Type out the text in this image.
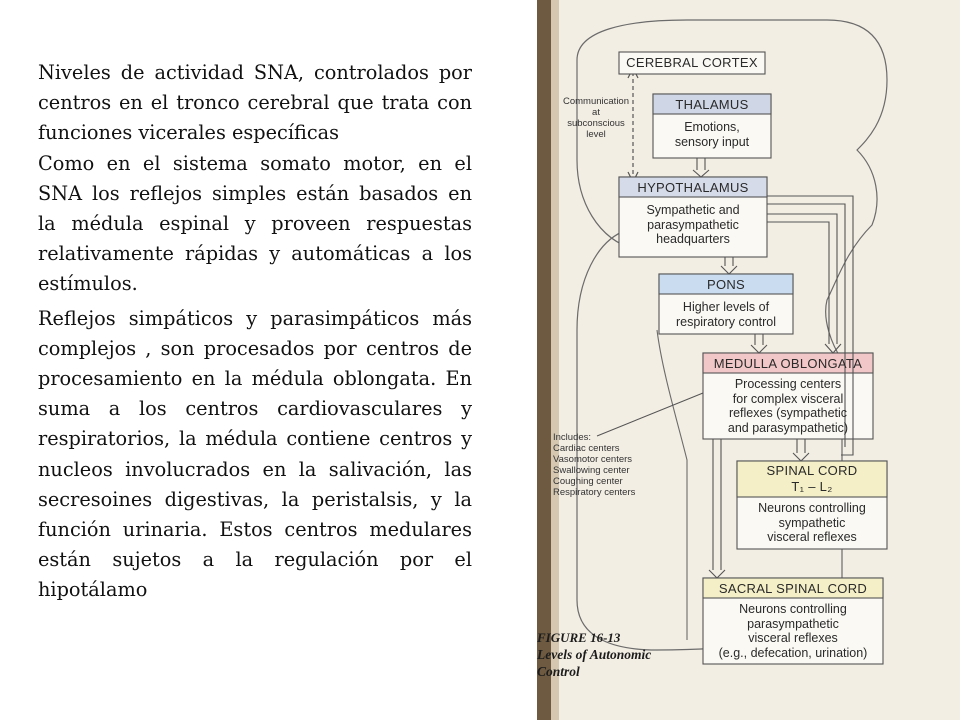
Niveles de actividad SNA, controlados por centros en el tronco cerebral que trata con funciones vicerales específicas

Como en el sistema somato motor, en el SNA los reflejos simples están basados en la médula espinal y proveen respuestas relativamente rápidas y automáticas a los estímulos.

Reflejos simpáticos y parasimpáticos más complejos , son procesados por centros de procesamiento en la médula oblongata. En suma a los centros cardiovasculares y respiratorios, la médula contiene centros y nucleos involucrados en la salivación, las secresoines digestivas, la peristalsis, y la función urinaria. Estos centros medulares están sujetos a la regulación por el hipotálamo

CEREBRAL CORTEX
Communication
at
subconscious
level
THALAMUS
Emotions,
sensory input
HYPOTHALAMUS
Sympathetic and
parasympathetic
headquarters
PONS
Higher levels of
respiratory control
MEDULLA OBLONGATA
Processing centers
for complex visceral
reflexes (sympathetic
and parasympathetic)
Includes:
Cardiac centers
Vasomotor centers
Swallowing center
Coughing center
Respiratory centers
SPINAL CORD
T₁ – L₂
Neurons controlling
sympathetic
visceral reflexes
SACRAL SPINAL CORD
Neurons controlling
parasympathetic
visceral reflexes
(e.g., defecation, urination)
FIGURE 16-13
Levels of Autonomic
Control
